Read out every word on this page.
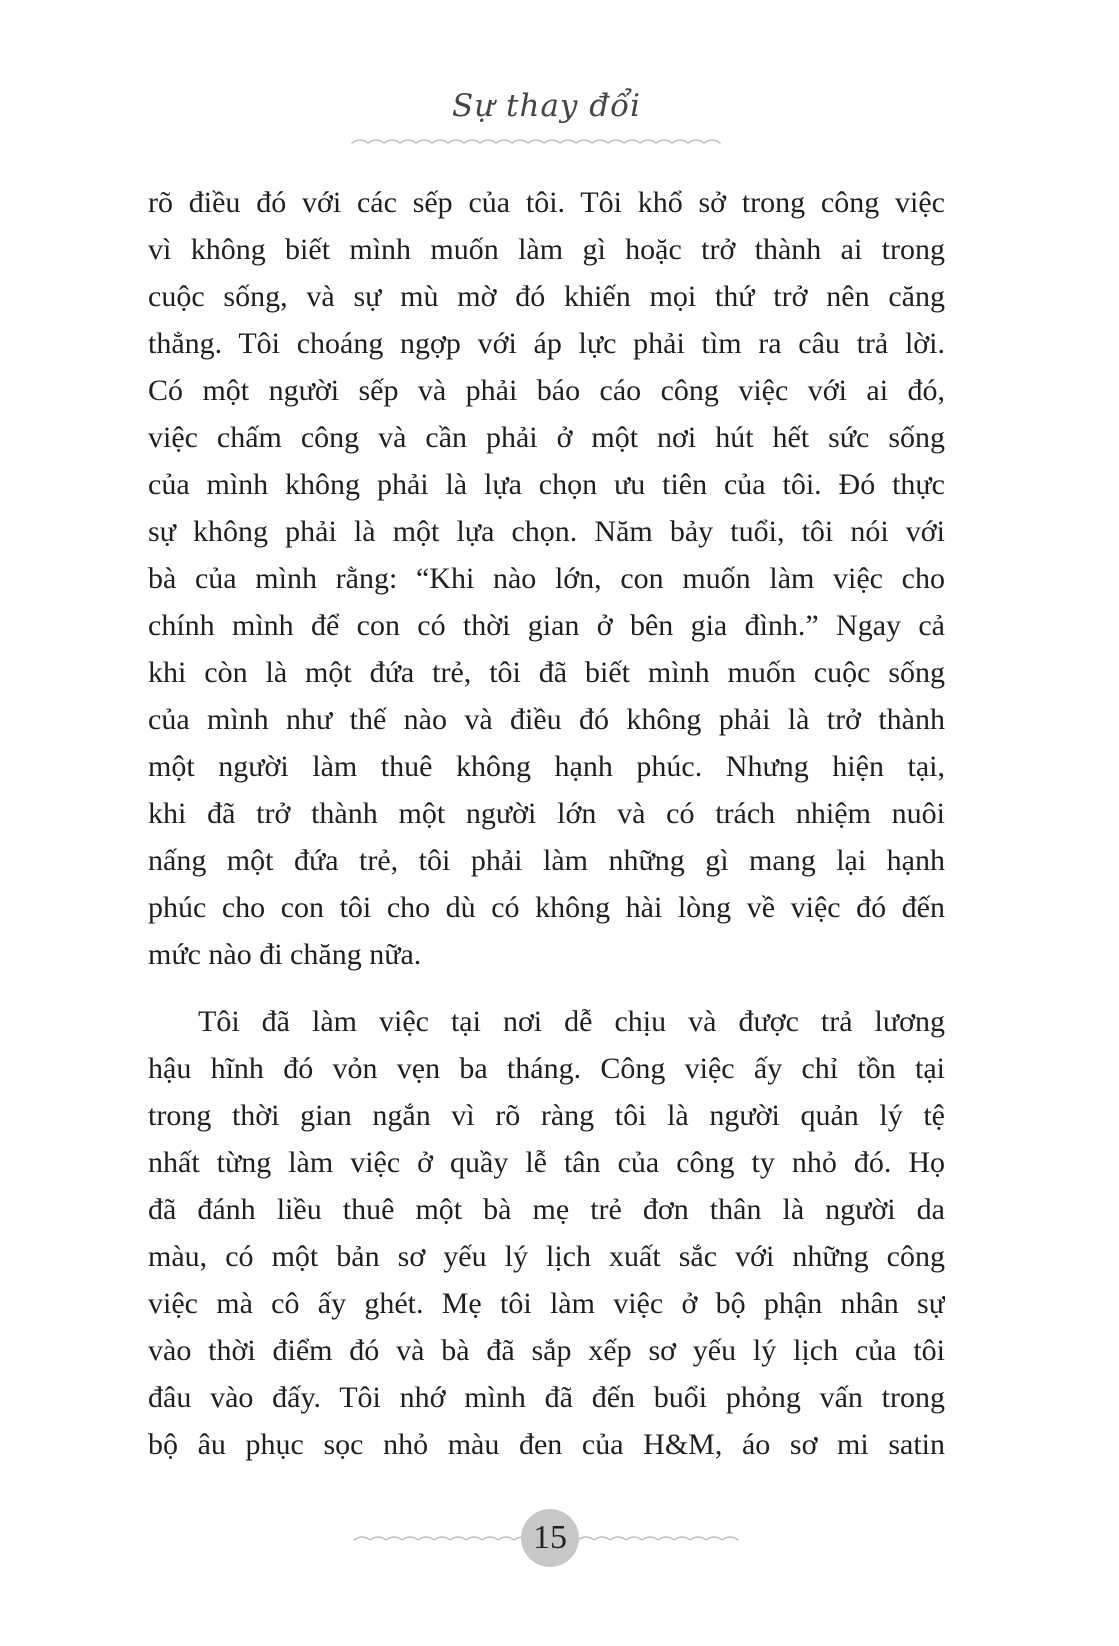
Sự thay đổi
rõ điều đó với các sếp của tôi. Tôi khổ sở trong công việc
vì không biết mình muốn làm gì hoặc trở thành ai trong
cuộc sống, và sự mù mờ đó khiến mọi thứ trở nên căng
thẳng. Tôi choáng ngợp với áp lực phải tìm ra câu trả lời.
Có một người sếp và phải báo cáo công việc với ai đó,
việc chấm công và cần phải ở một nơi hút hết sức sống
của mình không phải là lựa chọn ưu tiên của tôi. Đó thực
sự không phải là một lựa chọn. Năm bảy tuổi, tôi nói với
bà của mình rằng: “Khi nào lớn, con muốn làm việc cho
chính mình để con có thời gian ở bên gia đình.” Ngay cả
khi còn là một đứa trẻ, tôi đã biết mình muốn cuộc sống
của mình như thế nào và điều đó không phải là trở thành
một người làm thuê không hạnh phúc. Nhưng hiện tại,
khi đã trở thành một người lớn và có trách nhiệm nuôi
nấng một đứa trẻ, tôi phải làm những gì mang lại hạnh
phúc cho con tôi cho dù có không hài lòng về việc đó đến
mức nào đi chăng nữa.
Tôi đã làm việc tại nơi dễ chịu và được trả lương
hậu hĩnh đó vỏn vẹn ba tháng. Công việc ấy chỉ tồn tại
trong thời gian ngắn vì rõ ràng tôi là người quản lý tệ
nhất từng làm việc ở quầy lễ tân của công ty nhỏ đó. Họ
đã đánh liều thuê một bà mẹ trẻ đơn thân là người da
màu, có một bản sơ yếu lý lịch xuất sắc với những công
việc mà cô ấy ghét. Mẹ tôi làm việc ở bộ phận nhân sự
vào thời điểm đó và bà đã sắp xếp sơ yếu lý lịch của tôi
đâu vào đấy. Tôi nhớ mình đã đến buổi phỏng vấn trong
bộ âu phục sọc nhỏ màu đen của H&M, áo sơ mi satin
15
